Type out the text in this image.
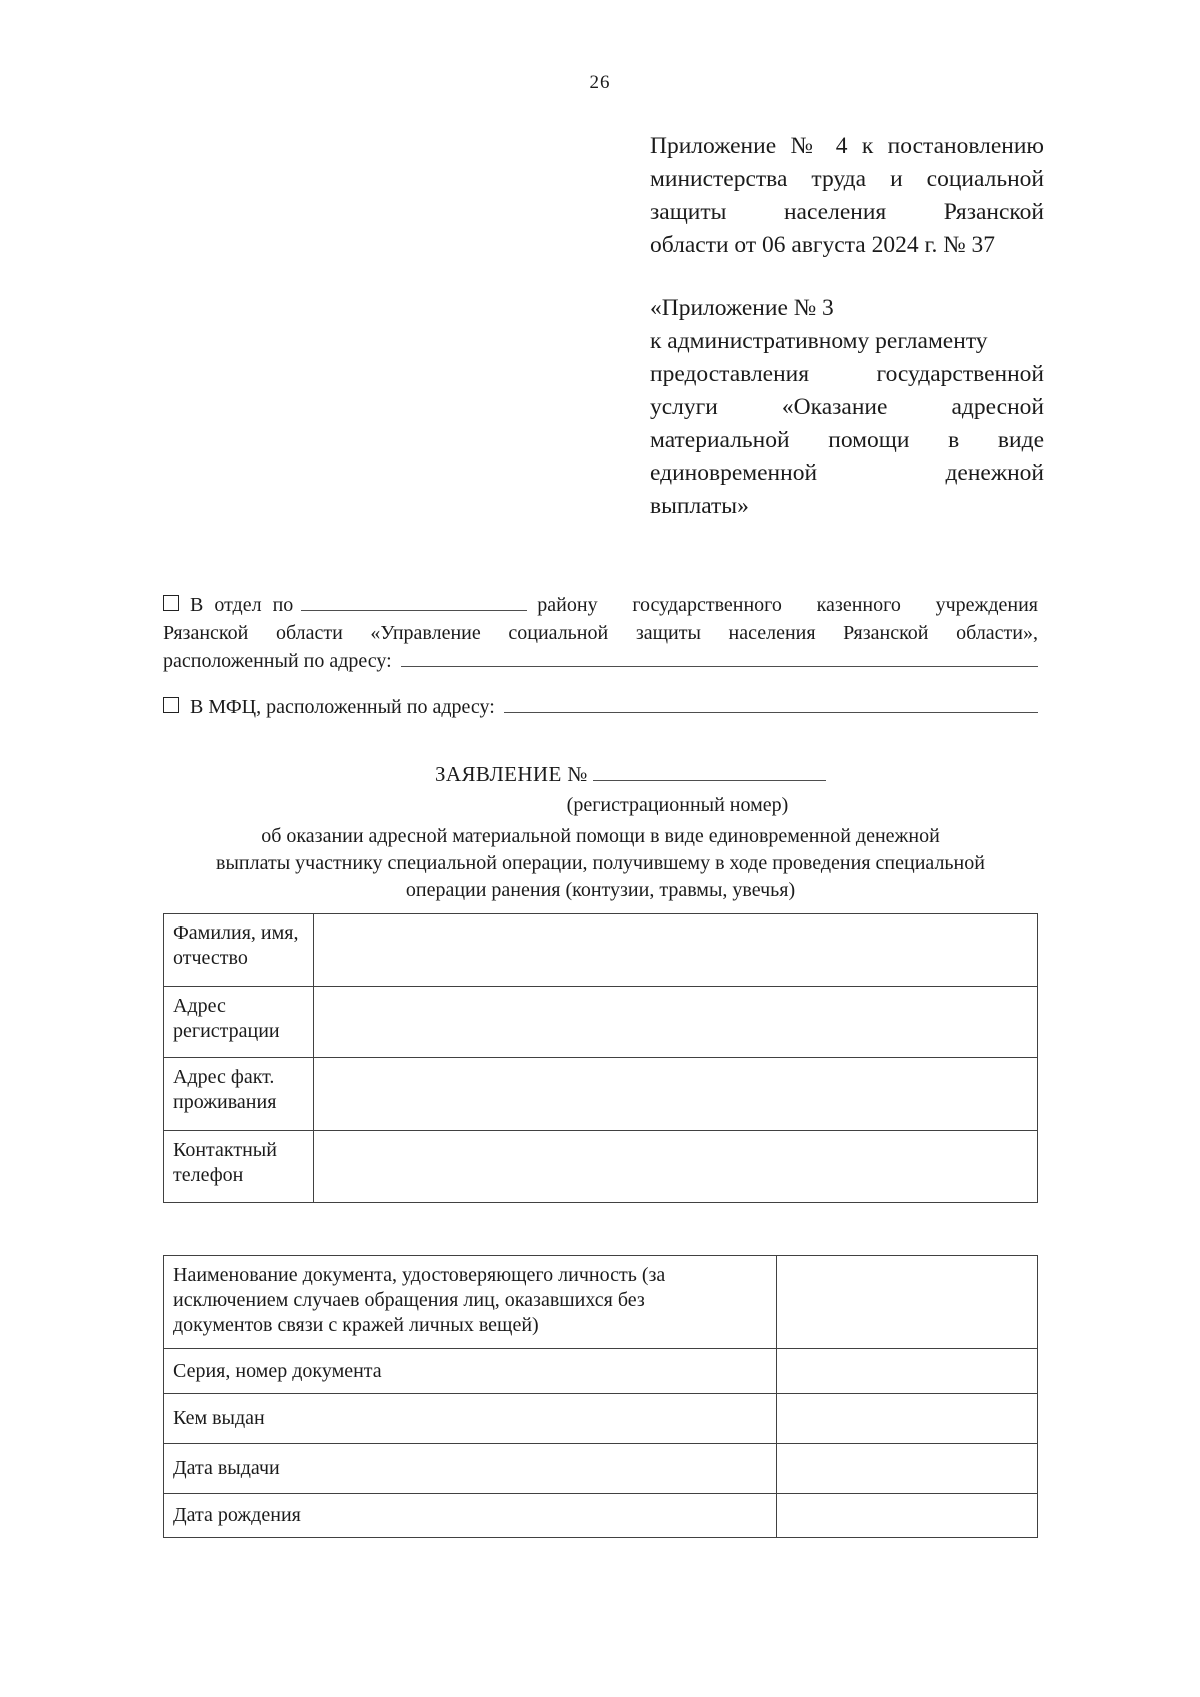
26
Приложение № 4 к постановлению
министерства труда и социальной
защиты населения Рязанской
области от 06 августа 2024 г. № 37
«Приложение № 3
к административному регламенту
предоставления государственной
услуги «Оказание адресной
материальной помощи в виде
единовременной денежной
выплаты»
В отдел по	району государственного казенного учреждения
Рязанской области «Управление социальной защиты населения Рязанской области»,
расположенный по адресу:
В МФЦ, расположенный по адресу:
ЗАЯВЛЕНИЕ №
(регистрационный номер)
об оказании адресной материальной помощи в виде единовременной денежной
выплаты участнику специальной операции, получившему в ходе проведения специальной
операции ранения (контузии, травмы, увечья)
Фамилия, имя, отчество	
Адрес регистрации	
Адрес факт. проживания	
Контактный телефон	
Наименование документа, удостоверяющего личность (за исключением случаев обращения лиц, оказавшихся без документов связи с кражей личных вещей)	
Серия, номер документа	
Кем выдан	
Дата выдачи	
Дата рождения	
